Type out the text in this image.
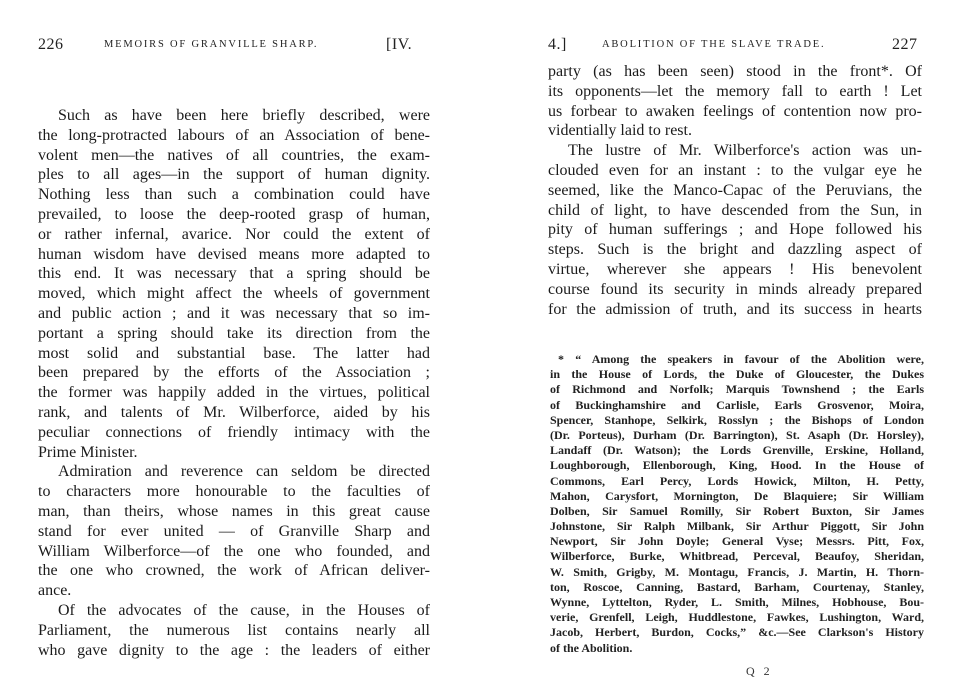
226	MEMOIRS OF GRANVILLE SHARP.	[IV.
Such as have been here briefly described, were
the long-protracted labours of an Association of bene-
volent men—the natives of all countries, the exam-
ples to all ages—in the support of human dignity.
Nothing less than such a combination could have
prevailed, to loose the deep-rooted grasp of human,
or rather infernal, avarice. Nor could the extent of
human wisdom have devised means more adapted to
this end. It was necessary that a spring should be
moved, which might affect the wheels of government
and public action ; and it was necessary that so im-
portant a spring should take its direction from the
most solid and substantial base. The latter had
been prepared by the efforts of the Association ;
the former was happily added in the virtues, political
rank, and talents of Mr. Wilberforce, aided by his
peculiar connections of friendly intimacy with the
Prime Minister.
Admiration and reverence can seldom be directed
to characters more honourable to the faculties of
man, than theirs, whose names in this great cause
stand for ever united — of Granville Sharp and
William Wilberforce—of the one who founded, and
the one who crowned, the work of African deliver-
ance.
Of the advocates of the cause, in the Houses of
Parliament, the numerous list contains nearly all
who gave dignity to the age : the leaders of either
4.]	ABOLITION OF THE SLAVE TRADE.	227
party (as has been seen) stood in the front*. Of
its opponents—let the memory fall to earth ! Let
us forbear to awaken feelings of contention now pro-
videntially laid to rest.
The lustre of Mr. Wilberforce's action was un-
clouded even for an instant : to the vulgar eye he
seemed, like the Manco-Capac of the Peruvians, the
child of light, to have descended from the Sun, in
pity of human sufferings ; and Hope followed his
steps. Such is the bright and dazzling aspect of
virtue, wherever she appears ! His benevolent
course found its security in minds already prepared
for the admission of truth, and its success in hearts
* “ Among the speakers in favour of the Abolition were,
in the House of Lords, the Duke of Gloucester, the Dukes
of Richmond and Norfolk; Marquis Townshend ; the Earls
of Buckinghamshire and Carlisle, Earls Grosvenor, Moira,
Spencer, Stanhope, Selkirk, Rosslyn ; the Bishops of London
(Dr. Porteus), Durham (Dr. Barrington), St. Asaph (Dr. Horsley),
Landaff (Dr. Watson); the Lords Grenville, Erskine, Holland,
Loughborough, Ellenborough, King, Hood. In the House of
Commons, Earl Percy, Lords Howick, Milton, H. Petty,
Mahon, Carysfort, Mornington, De Blaquiere; Sir William
Dolben, Sir Samuel Romilly, Sir Robert Buxton, Sir James
Johnstone, Sir Ralph Milbank, Sir Arthur Piggott, Sir John
Newport, Sir John Doyle; General Vyse; Messrs. Pitt, Fox,
Wilberforce, Burke, Whitbread, Perceval, Beaufoy, Sheridan,
W. Smith, Grigby, M. Montagu, Francis, J. Martin, H. Thorn-
ton, Roscoe, Canning, Bastard, Barham, Courtenay, Stanley,
Wynne, Lyttelton, Ryder, L. Smith, Milnes, Hobhouse, Bou-
verie, Grenfell, Leigh, Huddlestone, Fawkes, Lushington, Ward,
Jacob, Herbert, Burdon, Cocks,” &c.—See Clarkson's History
of the Abolition.
Q 2
